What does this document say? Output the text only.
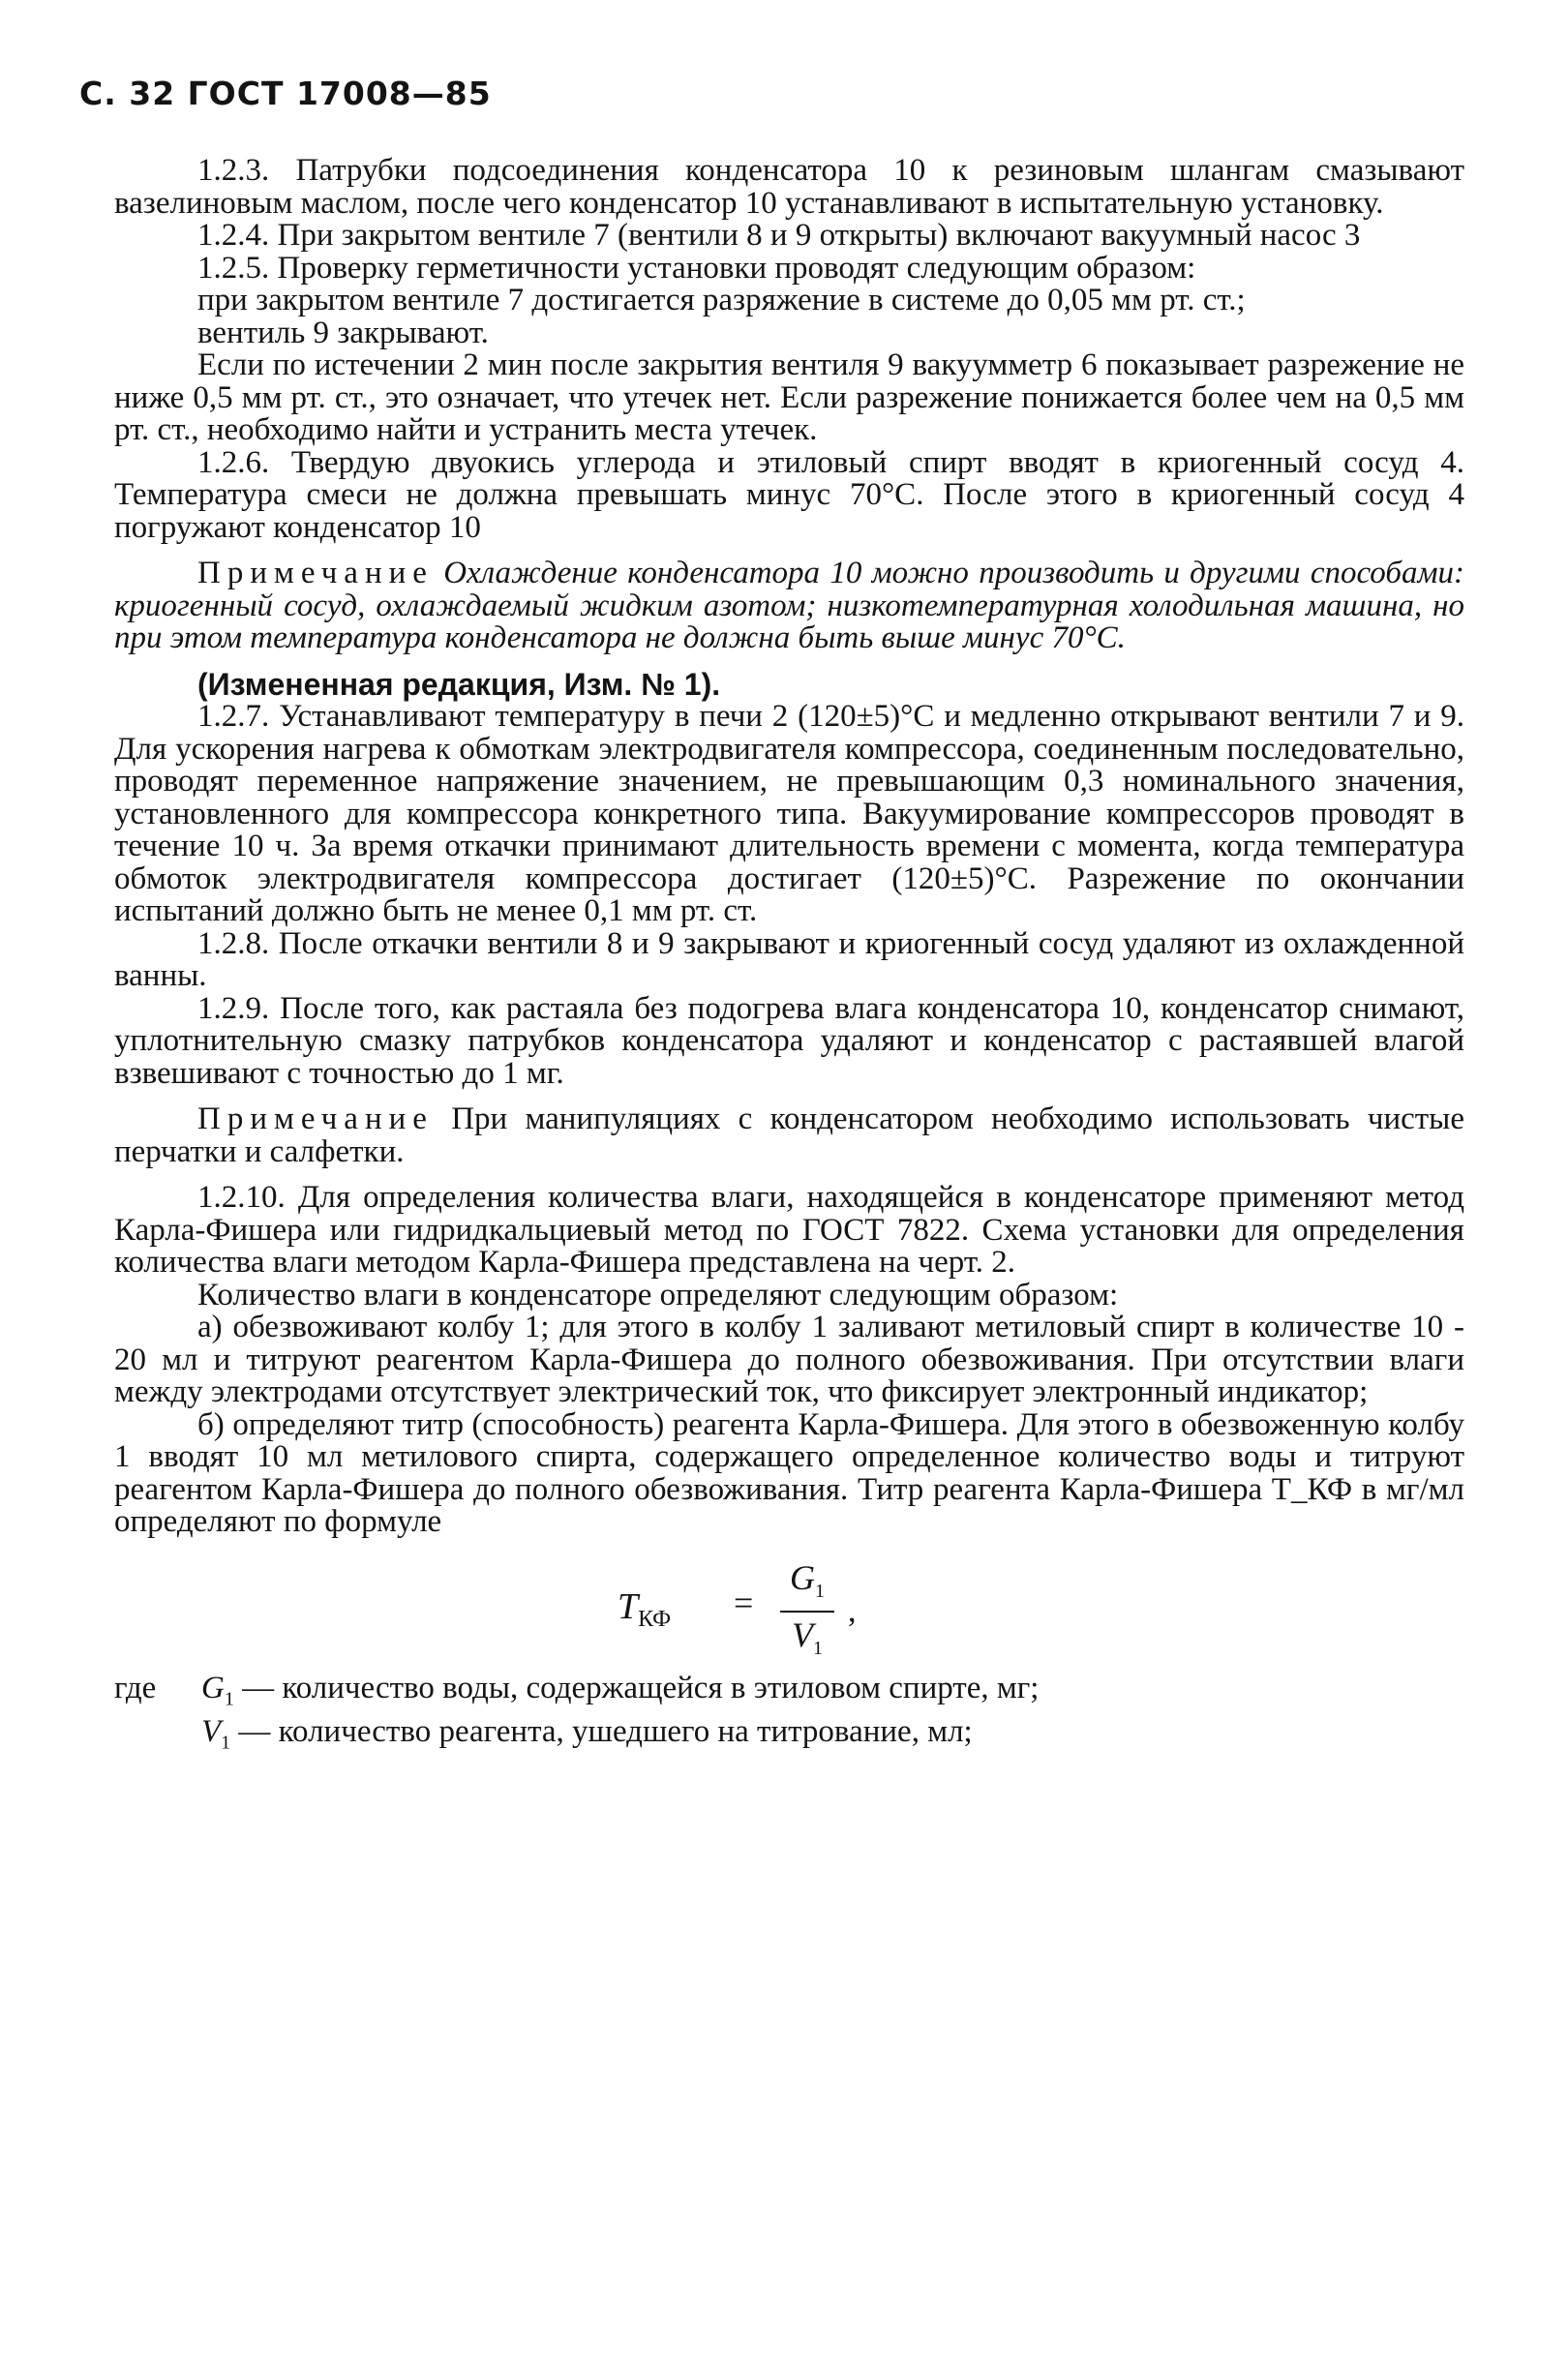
С. 32 ГОСТ 17008—85

1.2.3. Патрубки подсоединения конденсатора 10 к резиновым шлангам смазывают вазелиновым маслом, после чего конденсатор 10 устанавливают в испытательную установку.

1.2.4. При закрытом вентиле 7 (вентили 8 и 9 открыты) включают вакуумный насос 3

1.2.5. Проверку герметичности установки проводят следующим образом:

при закрытом вентиле 7 достигается разряжение в системе до 0,05 мм рт. ст.;

вентиль 9 закрывают.

Если по истечении 2 мин после закрытия вентиля 9 вакуумметр 6 показывает разрежение не ниже 0,5 мм рт. ст., это означает, что утечек нет. Если разрежение понижается более чем на 0,5 мм рт. ст., необходимо найти и устранить места утечек.

1.2.6. Твердую двуокись углерода и этиловый спирт вводят в криогенный сосуд 4. Температура смеси не должна превышать минус 70°С. После этого в криогенный сосуд 4 погружают конденсатор 10

Примечание Охлаждение конденсатора 10 можно производить и другими способами: криогенный сосуд, охлаждаемый жидким азотом; низкотемпературная холодильная машина, но при этом температура конденсатора не должна быть выше минус 70°С.

(Измененная редакция, Изм. № 1).

1.2.7. Устанавливают температуру в печи 2 (120±5)°С и медленно открывают вентили 7 и 9. Для ускорения нагрева к обмоткам электродвигателя компрессора, соединенным последовательно, проводят переменное напряжение значением, не превышающим 0,3 номинального значения, установленного для компрессора конкретного типа. Вакуумирование компрессоров проводят в течение 10 ч. За время откачки принимают длительность времени с момента, когда температура обмоток электродвигателя компрессора достигает (120±5)°С. Разрежение по окончании испытаний должно быть не менее 0,1 мм рт. ст.

1.2.8. После откачки вентили 8 и 9 закрывают и криогенный сосуд удаляют из охлажденной ванны.

1.2.9. После того, как растаяла без подогрева влага конденсатора 10, конденсатор снимают, уплотнительную смазку патрубков конденсатора удаляют и конденсатор с растаявшей влагой взвешивают с точностью до 1 мг.

Примечание При манипуляциях с конденсатором необходимо использовать чистые перчатки и салфетки.

1.2.10. Для определения количества влаги, находящейся в конденсаторе применяют метод Карла-Фишера или гидридкальциевый метод по ГОСТ 7822. Схема установки для определения количества влаги методом Карла-Фишера представлена на черт. 2.

Количество влаги в конденсаторе определяют следующим образом:

а) обезвоживают колбу 1; для этого в колбу 1 заливают метиловый спирт в количестве 10 - 20 мл и титруют реагентом Карла-Фишера до полного обезвоживания. При отсутствии влаги между электродами отсутствует электрический ток, что фиксирует электронный индикатор;

б) определяют титр (способность) реагента Карла-Фишера. Для этого в обезвоженную колбу 1 вводят 10 мл метилового спирта, содержащего определенное количество воды и титруют реагентом Карла-Фишера до полного обезвоживания. Титр реагента Карла-Фишера Т_КФ в мг/мл определяют по формуле

$T_{КФ} = \frac{G_1}{V_1}$ ,
где	$G_1$
— количество воды, содержащейся в этиловом спирте, мг;
$V_1$
— количество реагента, ушедшего на титрование, мл;
